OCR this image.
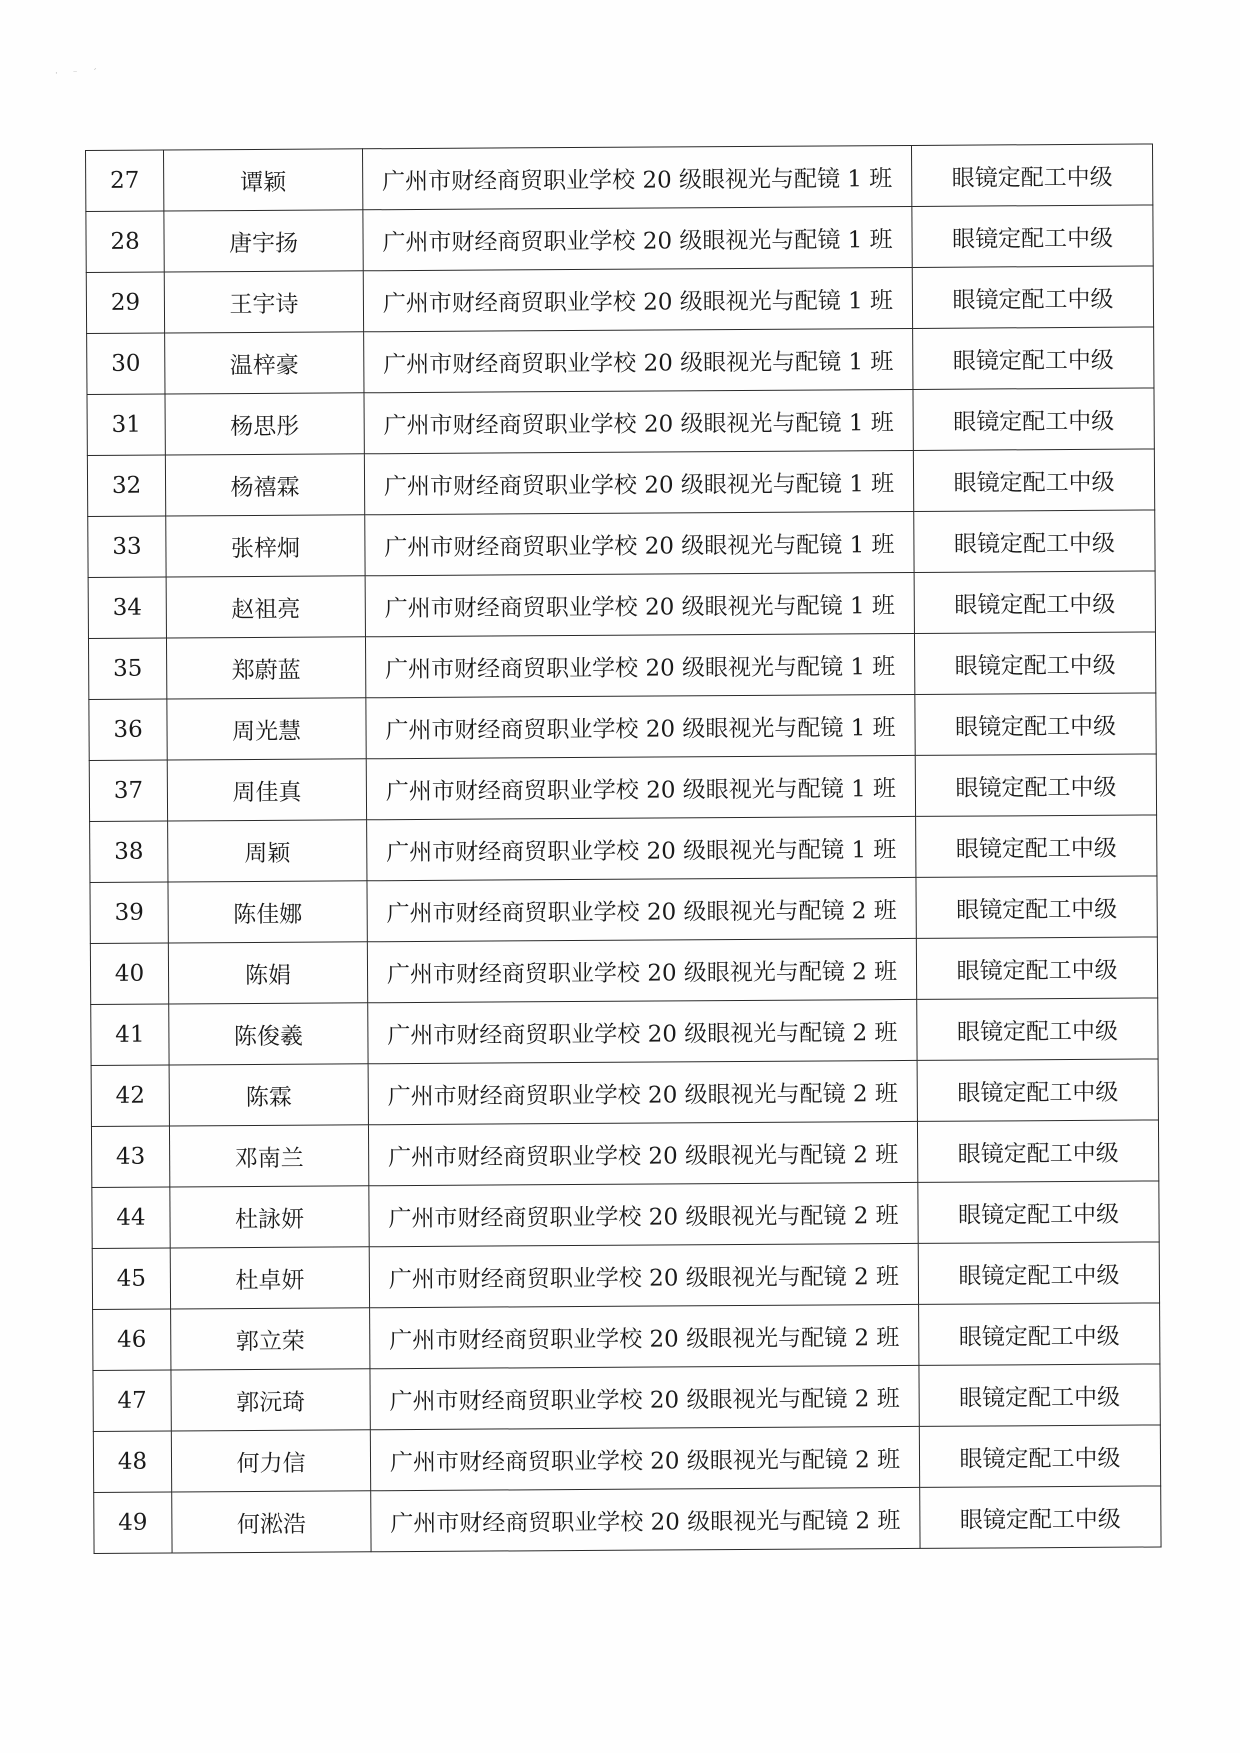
· ⁻ ˊ
27	谭颖	广州市财经商贸职业学校 20 级眼视光与配镜 1 班	眼镜定配工中级
28	唐宇扬	广州市财经商贸职业学校 20 级眼视光与配镜 1 班	眼镜定配工中级
29	王宇诗	广州市财经商贸职业学校 20 级眼视光与配镜 1 班	眼镜定配工中级
30	温梓豪	广州市财经商贸职业学校 20 级眼视光与配镜 1 班	眼镜定配工中级
31	杨思彤	广州市财经商贸职业学校 20 级眼视光与配镜 1 班	眼镜定配工中级
32	杨禧霖	广州市财经商贸职业学校 20 级眼视光与配镜 1 班	眼镜定配工中级
33	张梓炯	广州市财经商贸职业学校 20 级眼视光与配镜 1 班	眼镜定配工中级
34	赵祖亮	广州市财经商贸职业学校 20 级眼视光与配镜 1 班	眼镜定配工中级
35	郑蔚蓝	广州市财经商贸职业学校 20 级眼视光与配镜 1 班	眼镜定配工中级
36	周光慧	广州市财经商贸职业学校 20 级眼视光与配镜 1 班	眼镜定配工中级
37	周佳真	广州市财经商贸职业学校 20 级眼视光与配镜 1 班	眼镜定配工中级
38	周颖	广州市财经商贸职业学校 20 级眼视光与配镜 1 班	眼镜定配工中级
39	陈佳娜	广州市财经商贸职业学校 20 级眼视光与配镜 2 班	眼镜定配工中级
40	陈娟	广州市财经商贸职业学校 20 级眼视光与配镜 2 班	眼镜定配工中级
41	陈俊羲	广州市财经商贸职业学校 20 级眼视光与配镜 2 班	眼镜定配工中级
42	陈霖	广州市财经商贸职业学校 20 级眼视光与配镜 2 班	眼镜定配工中级
43	邓南兰	广州市财经商贸职业学校 20 级眼视光与配镜 2 班	眼镜定配工中级
44	杜詠妍	广州市财经商贸职业学校 20 级眼视光与配镜 2 班	眼镜定配工中级
45	杜卓妍	广州市财经商贸职业学校 20 级眼视光与配镜 2 班	眼镜定配工中级
46	郭立荣	广州市财经商贸职业学校 20 级眼视光与配镜 2 班	眼镜定配工中级
47	郭沅琦	广州市财经商贸职业学校 20 级眼视光与配镜 2 班	眼镜定配工中级
48	何力信	广州市财经商贸职业学校 20 级眼视光与配镜 2 班	眼镜定配工中级
49	何淞浩	广州市财经商贸职业学校 20 级眼视光与配镜 2 班	眼镜定配工中级
